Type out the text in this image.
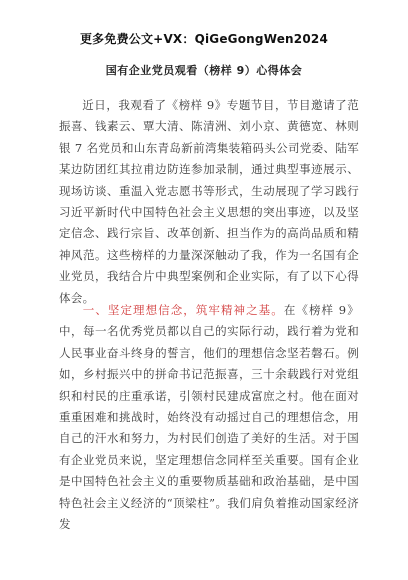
更多免费公文+VX：QiGeGongWen2024
国有企业党员观看（榜样 9）心得体会
近日，我观看了《榜样 9》专题节目，节目邀请了范振喜、钱素云、覃大清、陈清洲、刘小京、黄德宽、林则银 7 名党员和山东青岛新前湾集装箱码头公司党委、陆军某边防团红其拉甫边防连参加录制，通过典型事迹展示、现场访谈、重温入党志愿书等形式，生动展现了学习践行习近平新时代中国特色社会主义思想的突出事迹，以及坚定信念、践行宗旨、改革创新、担当作为的高尚品质和精神风范。这些榜样的力量深深触动了我，作为一名国有企业党员，我结合片中典型案例和企业实际，有了以下心得体会。
一、坚定理想信念，筑牢精神之基。在《榜样 9》中，每一名优秀党员都以自己的实际行动，践行着为党和人民事业奋斗终身的誓言，他们的理想信念坚若磐石。例如，乡村振兴中的拼命书记范振喜，三十余载践行对党组织和村民的庄重承诺，引领村民建成富庶之村。他在面对重重困难和挑战时，始终没有动摇过自己的理想信念，用自己的汗水和努力，为村民们创造了美好的生活。对于国有企业党员来说，坚定理想信念同样至关重要。国有企业是中国特色社会主义的重要物质基础和政治基础，是中国特色社会主义经济的“顶梁柱”。我们肩负着推动国家经济发
